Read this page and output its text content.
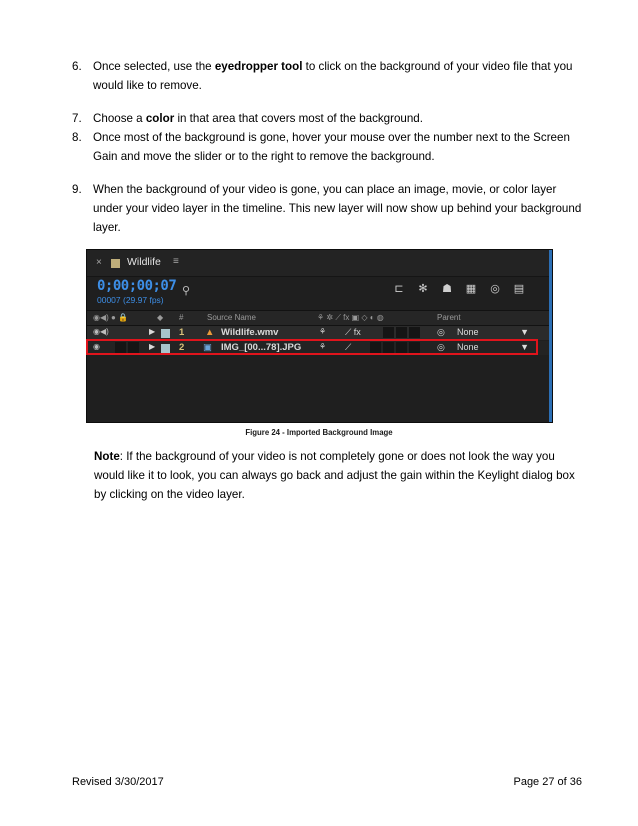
6. Once selected, use the eyedropper tool to click on the background of your video file that you would like to remove.
7. Choose a color in that area that covers most of the background.
8. Once most of the background is gone, hover your mouse over the number next to the Screen Gain and move the slider or to the right to remove the background.
9. When the background of your video is gone, you can place an image, movie, or color layer under your video layer in the timeline. This new layer will now show up behind your background layer.
× Wildlife ≡
0;00;00;07
00007 (29.97 fps)
⚲	⊏ ✻ ☗ ▦ ◎ ▤
◉◀) ● 🔒	◆ #	Source Name	⚘ ✲ ⟋ fx ▣ ◇ ◐ ◍	Parent
◉◀)	▶	1 ▲ Wildlife.wmv	⚘ ⟋ fx	◎ None	▼
◉	▶	2 ▣ IMG_[00...78].JPG ⚘ ⟋	◎ None	▼
Figure 24 - Imported Background Image
Note: If the background of your video is not completely gone or does not look the way you would like it to look, you can always go back and adjust the gain within the Keylight dialog box by clicking on the video layer.
Revised 3/30/2017	Page 27 of 36
